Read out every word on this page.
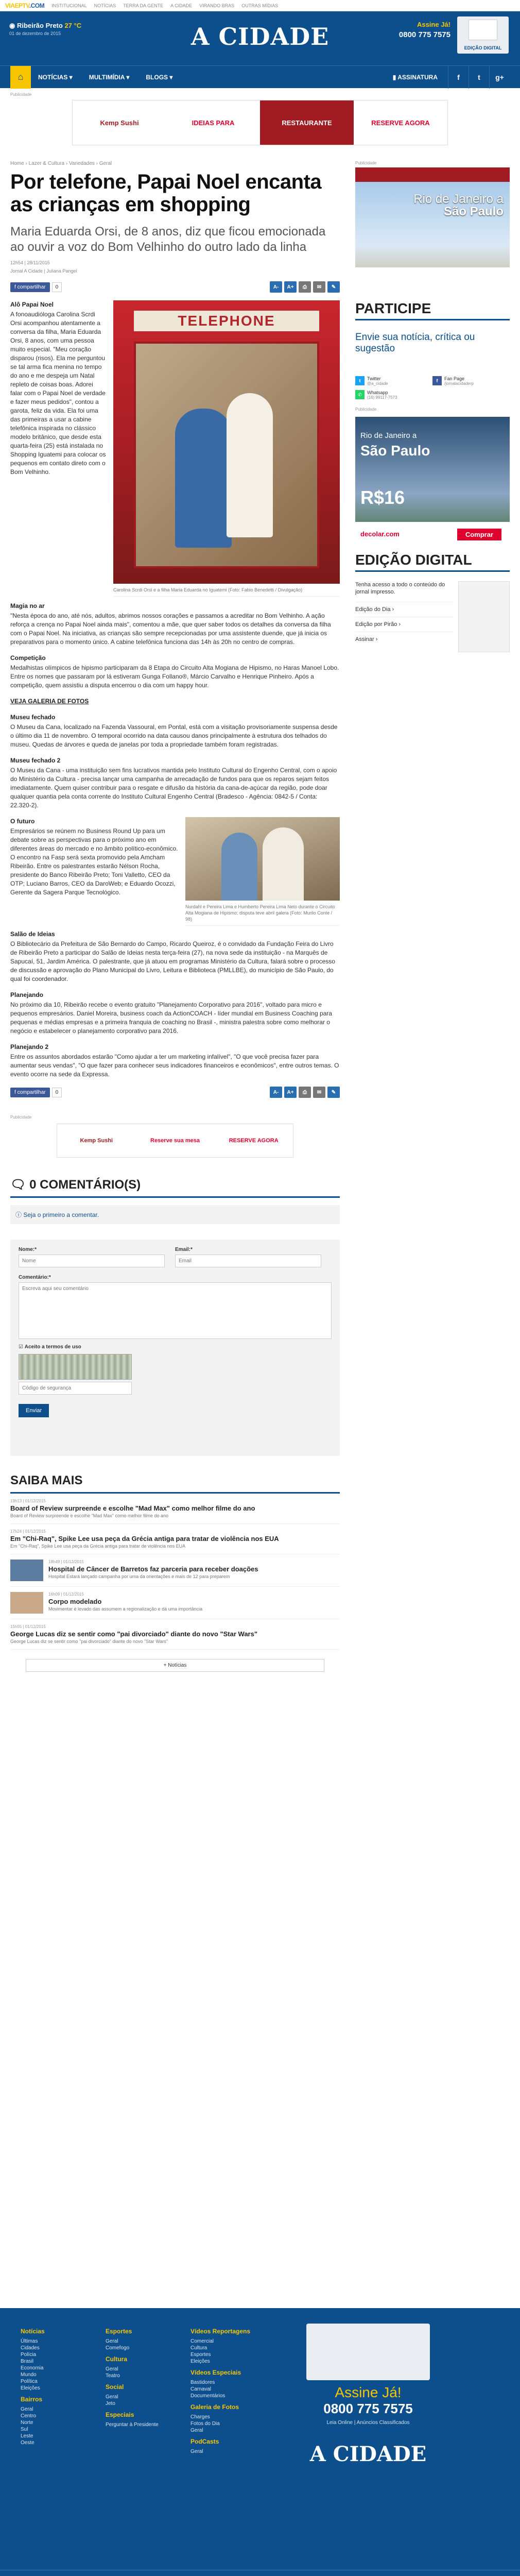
VIAEPTV.COM INSTITUCIONAL NOTÍCIAS TERRA DA GENTE A CIDADE VIRANDO BRAS OUTRAS MÍDIAS
◉ Ribeirão Preto 27 °C
01 de dezembro de 2015	A CIDADE	Assine Já!
0800 775 7575
EDIÇÃO DIGITAL
⌂	NOTÍCIAS ▾	MULTIMÍDIA ▾	BLOGS ▾	▮ ASSINATURA	f	t	g+
Publicidade
Kemp Sushi	IDEIAS PARA	RESTAURANTE	RESERVE AGORA
Home › Lazer & Cultura › Variedades › Geral
Por telefone, Papai Noel encanta as crianças em shopping
Maria Eduarda Orsi, de 8 anos, diz que ficou emocionada ao ouvir a voz do Bom Velhinho do outro lado da linha
12h54 | 28/11/2015
Jornal A Cidade | Juliana Pangel
f compartilhar	0	A-	A+	⎙	✉	✎
TELEPHONE
Carolina Scrdi Orsi e a filha Maria Eduarda no Iguatemi (Foto: Fabio Benedetti / Divulgação)
Alô Papai Noel

A fonoaudióloga Carolina Scrdi Orsi acompanhou atentamente a conversa da filha, Maria Eduarda Orsi, 8 anos, com uma pessoa muito especial. "Meu coração disparou (risos). Ela me perguntou se tal arma fica menina no tempo do ano e me despeja um Natal repleto de coisas boas. Adorei falar com o Papai Noel de verdade e fazer meus pedidos", contou a garota, feliz da vida. Ela foi uma das primeiras a usar a cabine telefônica inspirada no clássico modelo britânico, que desde esta quarta-feira (25) está instalada no Shopping Iguatemi para colocar os pequenos em contato direto com o Bom Velhinho.

Magia no ar

"Nesta época do ano, até nós, adultos, abrimos nossos corações e passamos a acreditar no Bom Velhinho. A ação reforça a crença no Papai Noel ainda mais", comentou a mãe, que quer saber todos os detalhes da conversa da filha com o Papai Noel. Na iniciativa, as crianças são sempre recepcionadas por uma assistente duende, que já inicia os preparativos para o momento único. A cabine telefônica funciona das 14h às 20h no centro de compras.

Competição

Medalhistas olímpicos de hipismo participaram da 8 Etapa do Circuito Alta Mogiana de Hipismo, no Haras Manoel Lobo. Entre os nomes que passaram por lá estiveram Gunga Follano®, Márcio Carvalho e Henrique Pinheiro. Após a competição, quem assistiu a disputa encerrou o dia com um happy hour.

VEJA GALERIA DE FOTOS
Museu fechado

O Museu da Cana, localizado na Fazenda Vassoural, em Pontal, está com a visitação provisoriamente suspensa desde o último dia 11 de novembro. O temporal ocorrido na data causou danos principalmente à estrutura dos telhados do museu. Quedas de árvores e queda de janelas por toda a propriedade também foram registradas.

Museu fechado 2

O Museu da Cana - uma instituição sem fins lucrativos mantida pelo Instituto Cultural do Engenho Central, com o apoio do Ministério da Cultura - precisa lançar uma campanha de arrecadação de fundos para que os reparos sejam feitos imediatamente. Quem quiser contribuir para o resgate e difusão da história da cana-de-açúcar da região, pode doar qualquer quantia pela conta corrente do Instituto Cultural Engenho Central (Bradesco - Agência: 0842-5 / Conta: 22.320-2).

Nurdahl e Pereira Lima e Humberto Pereira Lima Neto durante o Circuito Alta Mogiana de Hipismo; disputa teve abril galera (Foto: Murilo Conte / 98)
O futuro

Empresários se reúnem no Business Round Up para um debate sobre as perspectivas para o próximo ano em diferentes áreas do mercado e no âmbito político-econômico. O encontro na Fasp será sexta promovido pela Amcham Ribeirão. Entre os palestrantes estarão Nélson Rocha, presidente do Banco Ribeirão Preto; Toni Valletto, CEO da OTP; Luciano Barros, CEO da DaroWeb; e Eduardo Ocozzi, Gerente da Sagera Parque Tecnológico.

Salão de Ideias

O Bibliotecário da Prefeitura de São Bernardo do Campo, Ricardo Queiroz, é o convidado da Fundação Feira do Livro de Ribeirão Preto a participar do Salão de Ideias nesta terça-feira (27), na nova sede da instituição - na Marquês de Sapucaí, 51, Jardim América. O palestrante, que já atuou em programas Ministério da Cultura, falará sobre o processo de discussão e aprovação do Plano Municipal do Livro, Leitura e Biblioteca (PMLLBE), do município de São Paulo, do qual foi coordenador.

Planejando

No próximo dia 10, Ribeirão recebe o evento gratuito "Planejamento Corporativo para 2016", voltado para micro e pequenos empresários. Daniel Moreira, business coach da ActionCOACH - líder mundial em Business Coaching para pequenas e médias empresas e a primeira franquia de coaching no Brasil -, ministra palestra sobre como melhorar o negócio e estabelecer o planejamento corporativo para 2016.

Planejando 2

Entre os assuntos abordados estarão "Como ajudar a ter um marketing infalível", "O que você precisa fazer para aumentar seus vendas", "O que fazer para conhecer seus indicadores financeiros e econômicos", entre outros temas. O evento ocorre na sede da Expressa.

f compartilhar	0	A-	A+	⎙	✉	✎
Publicidade
Kemp Sushi	Reserve sua mesa	RESERVE AGORA
🗨 0 COMENTÁRIO(S)
ⓘ Seja o primeiro a comentar.
Nome:*
Nome	Email:*
Email
Comentário:*
Escreva aqui seu comentário
☑ Aceito a termos de uso
Código de segurança Enviar
SAIBA MAIS
19h13 | 01/12/2015
Board of Review surpreende e escolhe "Mad Max" como melhor filme do ano
Board of Review surpreende e escolhe "Mad Max" como melhor filme do ano
17h24 | 01/12/2015
Em "Chi-Raq", Spike Lee usa peça da Grécia antiga para tratar de violência nos EUA
Em "Chi-Raq", Spike Lee usa peça da Grécia antiga para tratar de violência nos EUA
18h49 | 01/12/2015
Hospital de Câncer de Barretos faz parceria para receber doações
Hospital Estará lançado campanha por uma da orientações e mais de 12 para preparem
16h09 | 01/12/2015
Corpo modelado
Movimentar é levado das assumem a regionalização e dá uma importância
15h55 | 01/12/2015
George Lucas diz se sentir como "pai divorciado" diante do novo "Star Wars"
George Lucas diz se sentir como "pai divorciado" diante do novo "Star Wars"
+ Notícias
Publicidade
Rio de Janeiro a
São Paulo
PARTICIPE
Envie sua notícia, crítica ou sugestão
t	Twitter
@a_cidade
f	Fan Page
/jornalacidaderp
✆	Whatsapp
(16) 99117-7573
Publicidade
Rio de Janeiro a
São Paulo
R$16
decolar.com	Comprar
EDIÇÃO DIGITAL

Tenha acesso a todo o conteúdo do jornal impresso.

Edição do Dia ›
Edição por Pirão ›
Assinar ›
Notícias
Últimas
Cidades
Polícia
Brasil
Economia
Mundo
Política
Eleições
Bairros
Geral
Centro
Norte
Sul
Leste
Oeste
Esportes
Geral
Comefogo
Cultura
Geral
Teatro
Social
Geral
Jeto
Especiais
Perguntar à Presidente
Vídeos Reportagens
Comercial
Cultura
Esportes
Eleições
Vídeos Especiais
Bastidores
Carnaval
Documentários
Galeria de Fotos
Charges
Fotos do Dia
Geral
PodCasts
Geral
Assine Já!
0800 775 7575
Leia Online | Anúncios Classificados
A CIDADE
